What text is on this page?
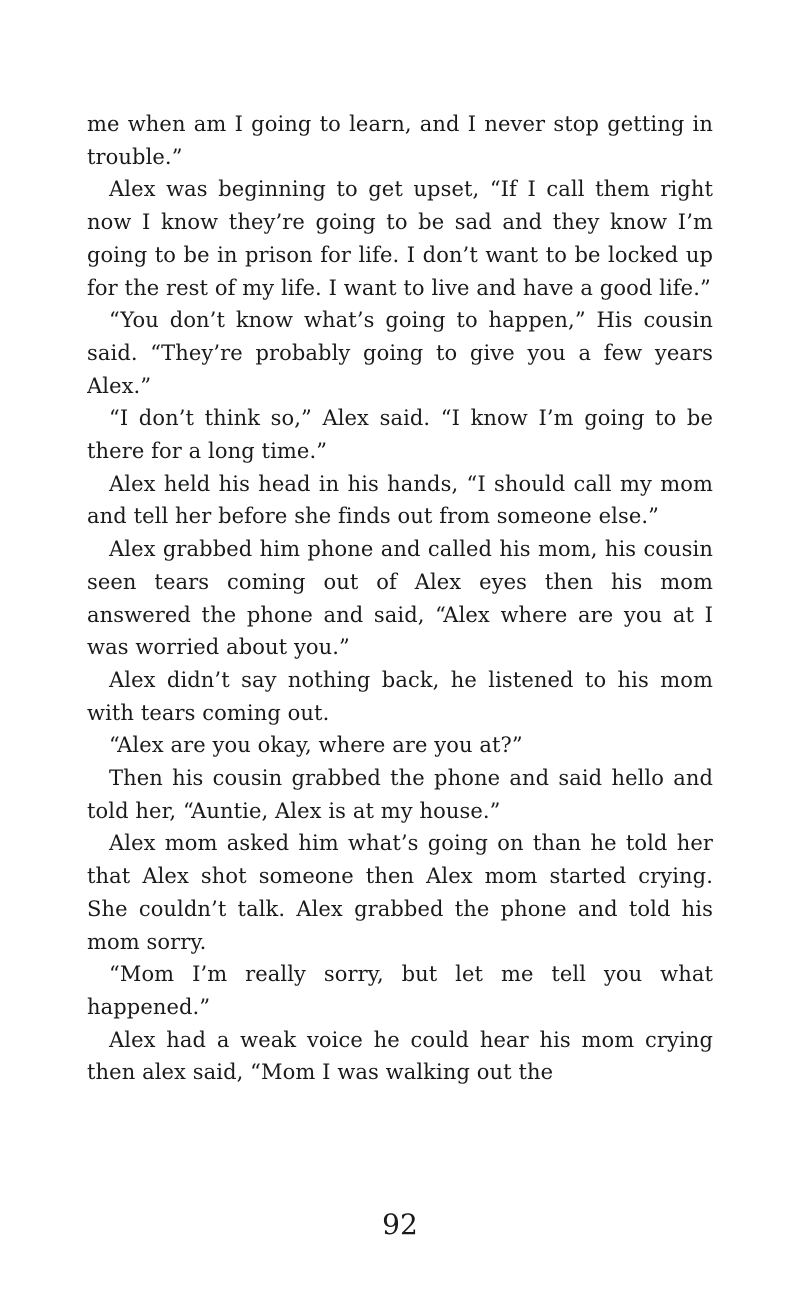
me when am I going to learn, and I never stop getting in trouble.”

Alex was beginning to get upset, “If I call them right now I know they’re going to be sad and they know I’m going to be in prison for life. I don’t want to be locked up for the rest of my life. I want to live and have a good life.”

“You don’t know what’s going to happen,” His cousin said. “They’re probably going to give you a few years Alex.”

“I don’t think so,” Alex said. “I know I’m going to be there for a long time.”

Alex held his head in his hands, “I should call my mom and tell her before she finds out from someone else.”

Alex grabbed him phone and called his mom, his cousin seen tears coming out of Alex eyes then his mom answered the phone and said, “Alex where are you at I was worried about you.”

Alex didn’t say nothing back, he listened to his mom with tears coming out.

“Alex are you okay, where are you at?”

Then his cousin grabbed the phone and said hello and told her, “Auntie, Alex is at my house.”

Alex mom asked him what’s going on than he told her that Alex shot someone then Alex mom started crying. She couldn’t talk. Alex grabbed the phone and told his mom sorry.

“Mom I’m really sorry, but let me tell you what happened.”

Alex had a weak voice he could hear his mom crying then alex said, “Mom I was walking out the

92
